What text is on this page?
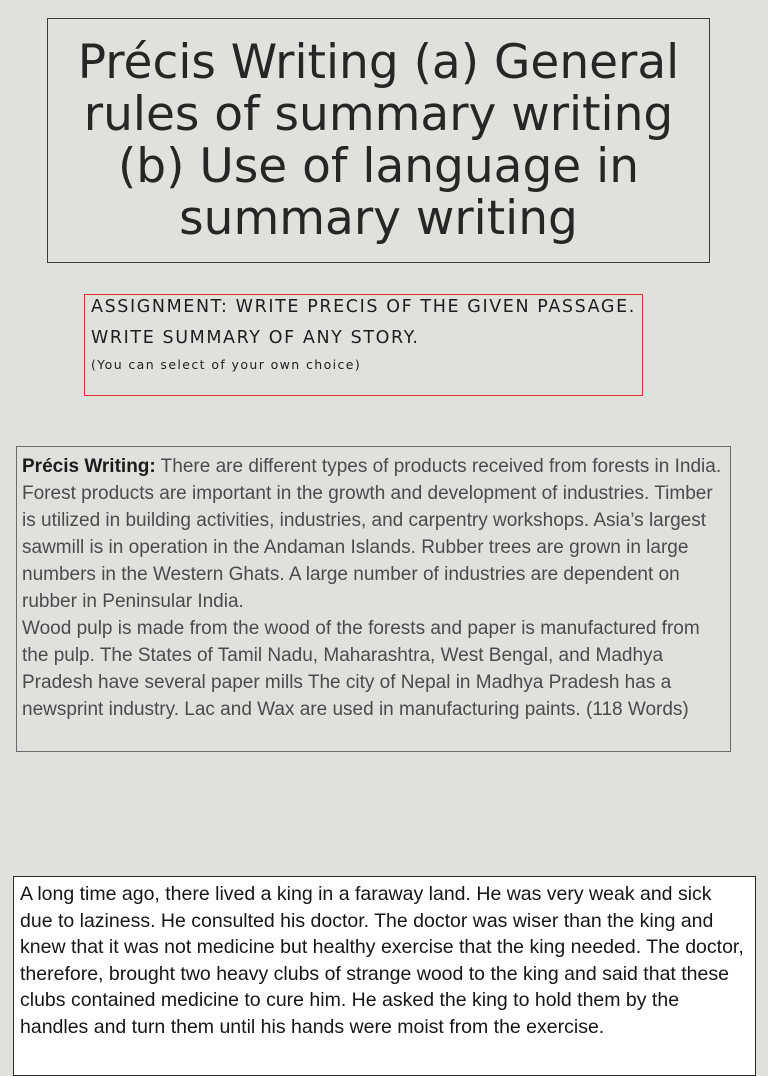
Précis Writing (a) General rules of summary writing (b) Use of language in summary writing
ASSIGNMENT: WRITE PRECIS OF THE GIVEN PASSAGE.
WRITE SUMMARY OF ANY STORY.
(You can select of your own choice)
Précis Writing: There are different types of products received from forests in India. Forest products are important in the growth and development of industries. Timber is utilized in building activities, industries, and carpentry workshops. Asia’s largest sawmill is in operation in the Andaman Islands. Rubber trees are grown in large numbers in the Western Ghats. A large number of industries are dependent on rubber in Peninsular India.
Wood pulp is made from the wood of the forests and paper is manufactured from the pulp. The States of Tamil Nadu, Maharashtra, West Bengal, and Madhya Pradesh have several paper mills The city of Nepal in Madhya Pradesh has a newsprint industry. Lac and Wax are used in manufacturing paints. (118 Words)
A long time ago, there lived a king in a faraway land. He was very weak and sick due to laziness. He consulted his doctor. The doctor was wiser than the king and knew that it was not medicine but healthy exercise that the king needed. The doctor, therefore, brought two heavy clubs of strange wood to the king and said that these clubs contained medicine to cure him. He asked the king to hold them by the handles and turn them until his hands were moist from the exercise.
